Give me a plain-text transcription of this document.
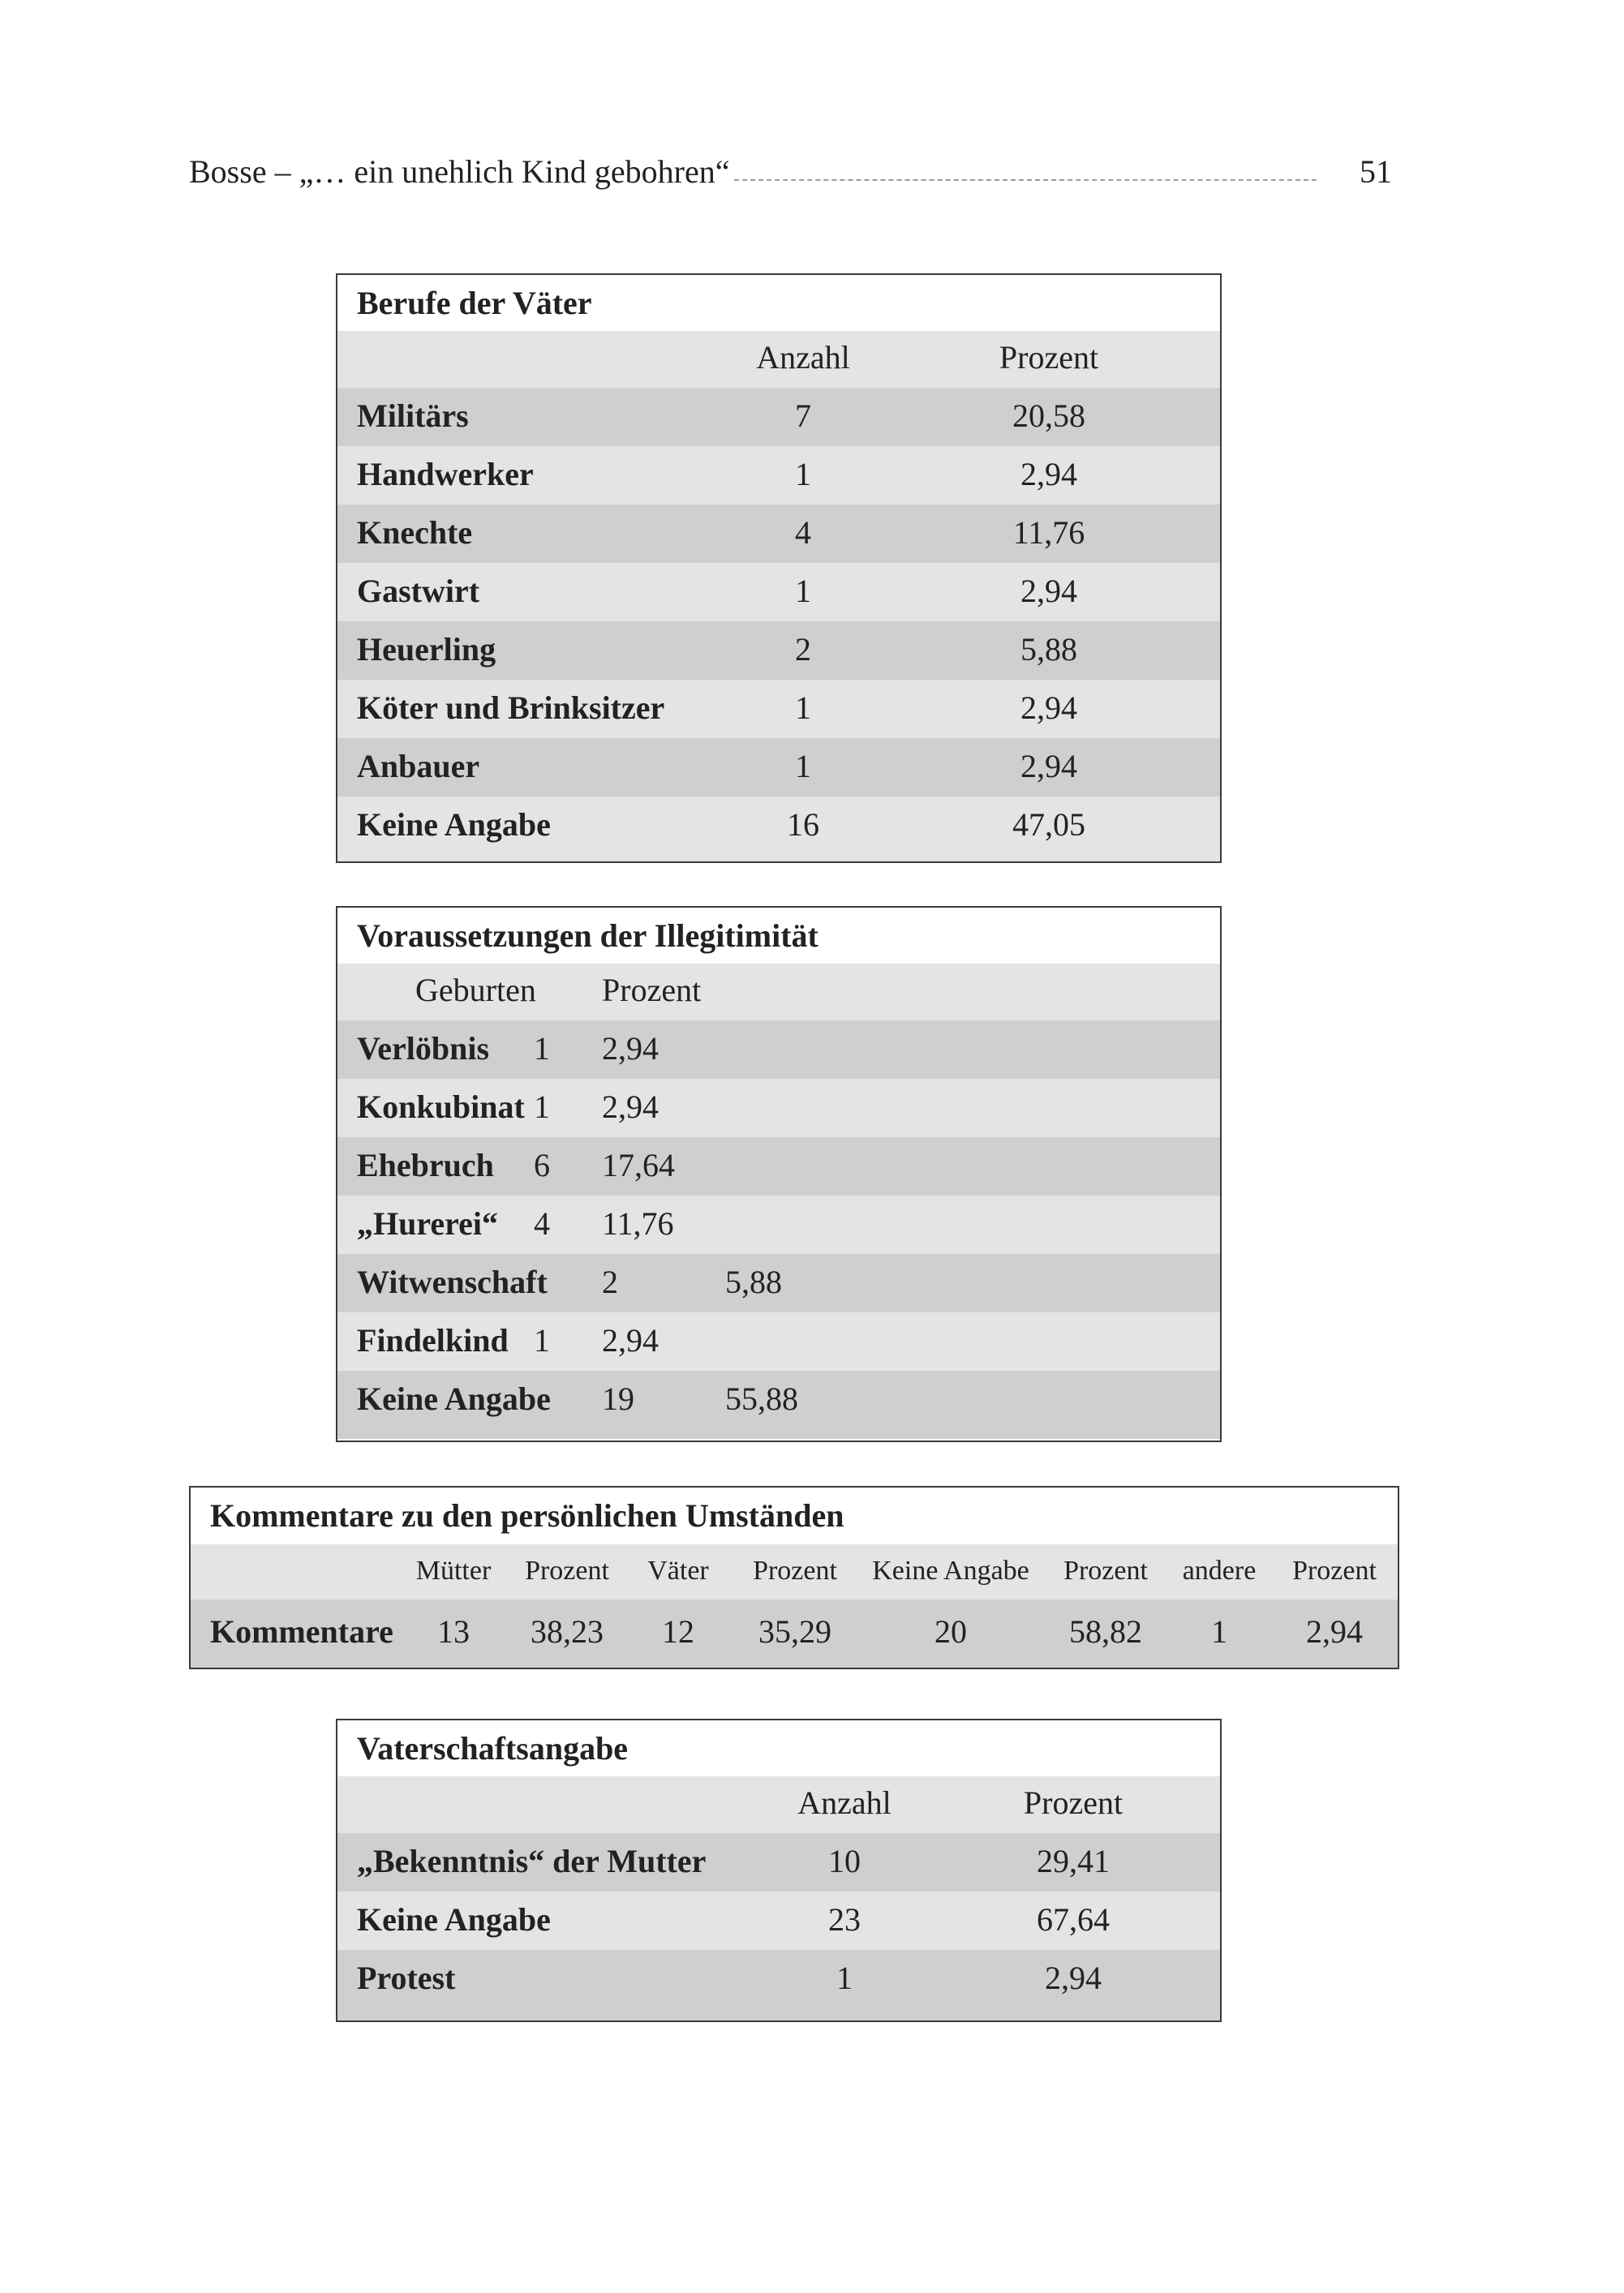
Bosse – „… ein unehlich Kind gebohren“	51
Berufe der Väter
Anzahl	Prozent
Militärs	7	20,58
Handwerker	1	2,94
Knechte	4	11,76
Gastwirt	1	2,94
Heuerling	2	5,88
Köter und Brinksitzer	1	2,94
Anbauer	1	2,94
Keine Angabe	16	47,05
Voraussetzungen der Illegitimität
Geburten Prozent
Verlöbnis 1 2,94
Konkubinat 1 2,94
Ehebruch 6 17,64
„Hurerei“ 4 11,76
Witwenschaft 2	5,88
Findelkind 1 2,94
Keine Angabe 19	55,88
Kommentare zu den persönlichen Umständen
Mütter Prozent Väter Prozent Keine Angabe Prozent andere Prozent
Kommentare 13 38,23 12 35,29	20	58,82 1 2,94
Vaterschaftsangabe
Anzahl	Prozent
„Bekenntnis“ der Mutter	10	29,41
Keine Angabe	23	67,64
Protest	1	2,94
